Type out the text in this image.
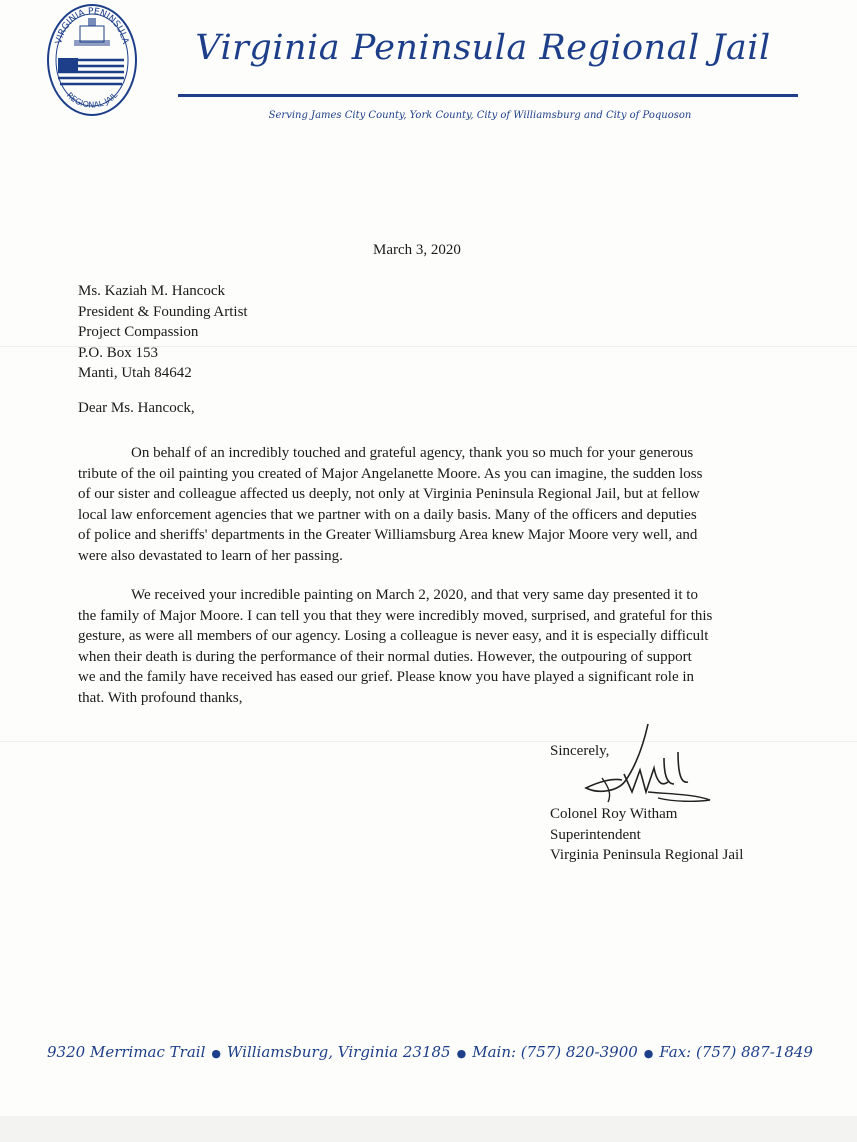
VIRGINIA PENINSULA
REGIONAL JAIL
Virginia Peninsula Regional Jail
Serving James City County, York County, City of Williamsburg and City of Poquoson
March 3, 2020
Ms. Kaziah M. Hancock
President & Founding Artist
Project Compassion
P.O. Box 153
Manti, Utah 84642
Dear Ms. Hancock,
On behalf of an incredibly touched and grateful agency, thank you so much for your generous
tribute of the oil painting you created of Major Angelanette Moore. As you can imagine, the sudden loss
of our sister and colleague affected us deeply, not only at Virginia Peninsula Regional Jail, but at fellow
local law enforcement agencies that we partner with on a daily basis. Many of the officers and deputies
of police and sheriffs' departments in the Greater Williamsburg Area knew Major Moore very well, and
were also devastated to learn of her passing.
We received your incredible painting on March 2, 2020, and that very same day presented it to
the family of Major Moore. I can tell you that they were incredibly moved, surprised, and grateful for this
gesture, as were all members of our agency. Losing a colleague is never easy, and it is especially difficult
when their death is during the performance of their normal duties. However, the outpouring of support
we and the family have received has eased our grief. Please know you have played a significant role in
that. With profound thanks,
Sincerely,
Colonel Roy Witham
Superintendent
Virginia Peninsula Regional Jail
9320 Merrimac Trail ● Williamsburg, Virginia 23185 ● Main: (757) 820-3900 ● Fax: (757) 887-1849
